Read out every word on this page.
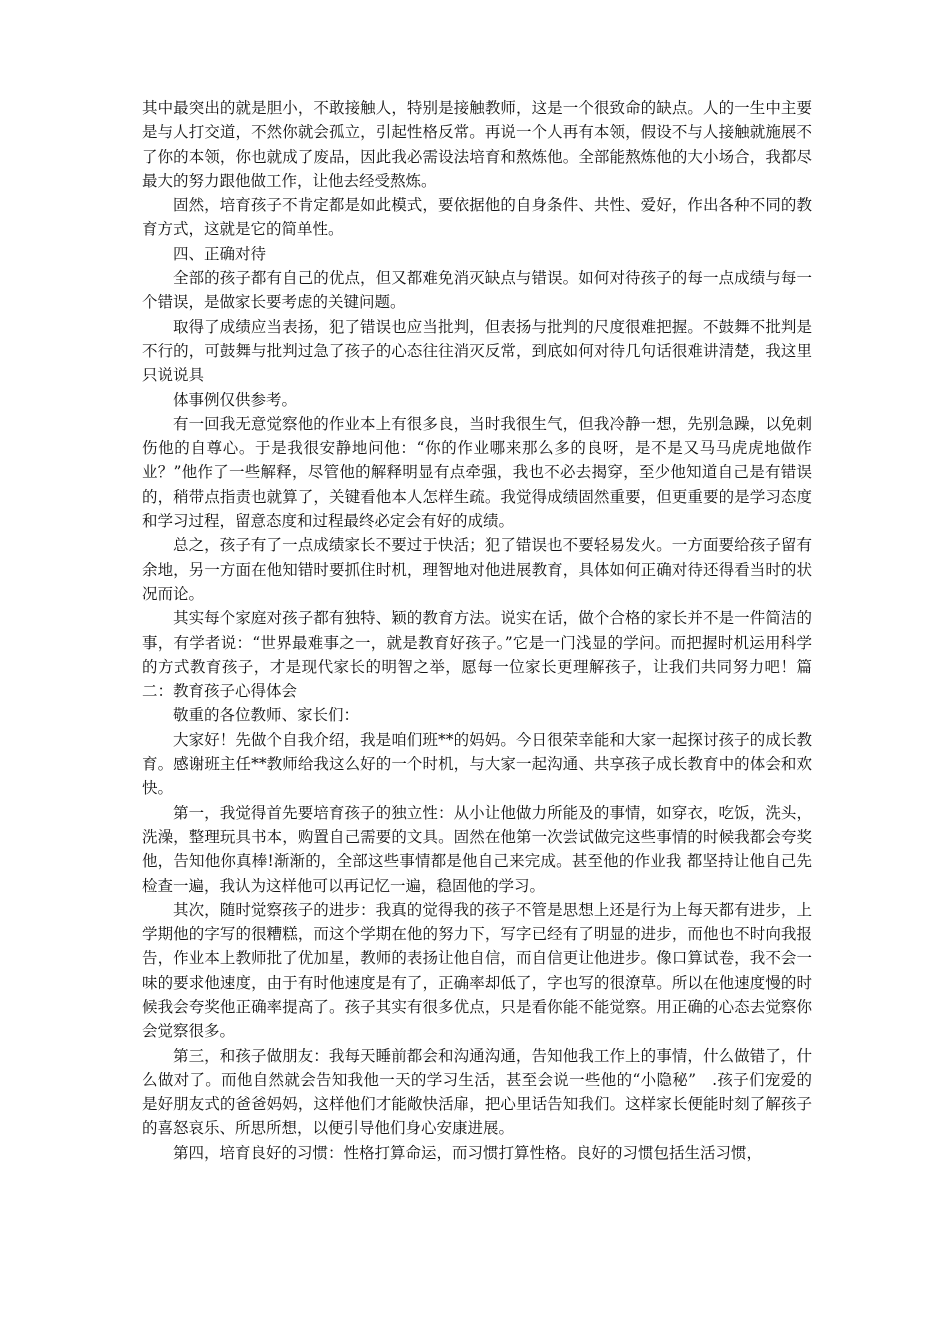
其中最突出的就是胆小，不敢接触人，特别是接触教师，这是一个很致命的缺点。人的一生中主要是与人打交道，不然你就会孤立，引起性格反常。再说一个人再有本领，假设不与人接触就施展不了你的本领，你也就成了废品，因此我必需设法培育和熬炼他。全部能熬炼他的大小场合，我都尽最大的努力跟他做工作，让他去经受熬炼。

固然，培育孩子不肯定都是如此模式，要依据他的自身条件、共性、爱好，作出各种不同的教育方式，这就是它的简单性。

四、正确对待

全部的孩子都有自己的优点，但又都难免消灭缺点与错误。如何对待孩子的每一点成绩与每一个错误，是做家长要考虑的关键问题。

取得了成绩应当表扬，犯了错误也应当批判，但表扬与批判的尺度很难把握。不鼓舞不批判是不行的，可鼓舞与批判过急了孩子的心态往往消灭反常，到底如何对待几句话很难讲清楚，我这里只说说具

体事例仅供参考。

有一回我无意觉察他的作业本上有很多良，当时我很生气，但我冷静一想，先别急躁，以免刺伤他的自尊心。于是我很安静地问他：“你的作业哪来那么多的良呀，是不是又马马虎虎地做作业？”他作了一些解释，尽管他的解释明显有点牵强，我也不必去揭穿，至少他知道自己是有错误的，稍带点指责也就算了，关键看他本人怎样生疏。我觉得成绩固然重要，但更重要的是学习态度和学习过程，留意态度和过程最终必定会有好的成绩。

总之，孩子有了一点成绩家长不要过于快活；犯了错误也不要轻易发火。一方面要给孩子留有余地，另一方面在他知错时要抓住时机，理智地对他进展教育，具体如何正确对待还得看当时的状况而论。

其实每个家庭对孩子都有独特、颖的教育方法。说实在话，做个合格的家长并不是一件简洁的事，有学者说：“世界最难事之一，就是教育好孩子。”它是一门浅显的学问。而把握时机运用科学的方式教育孩子，才是现代家长的明智之举，愿每一位家长更理解孩子，让我们共同努力吧！篇二：教育孩子心得体会

敬重的各位教师、家长们：

大家好！先做个自我介绍，我是咱们班**的妈妈。今日很荣幸能和大家一起探讨孩子的成长教育。感谢班主任**教师给我这么好的一个时机，与大家一起沟通、共享孩子成长教育中的体会和欢快。

第一，我觉得首先要培育孩子的独立性：从小让他做力所能及的事情，如穿衣，吃饭，洗头，洗澡，整理玩具书本，购置自己需要的文具。固然在他第一次尝试做完这些事情的时候我都会夸奖他，告知他你真棒!渐渐的，全部这些事情都是他自己来完成。甚至他的作业我 都坚持让他自己先检查一遍，我认为这样他可以再记忆一遍，稳固他的学习。

其次，随时觉察孩子的进步：我真的觉得我的孩子不管是思想上还是行为上每天都有进步，上学期他的字写的很糟糕，而这个学期在他的努力下，写字已经有了明显的进步，而他也不时向我报告，作业本上教师批了优加星，教师的表扬让他自信，而自信更让他进步。像口算试卷，我不会一味的要求他速度，由于有时他速度是有了，正确率却低了，字也写的很潦草。所以在他速度慢的时候我会夸奖他正确率提高了。孩子其实有很多优点，只是看你能不能觉察。用正确的心态去觉察你会觉察很多。

第三，和孩子做朋友：我每天睡前都会和沟通沟通，告知他我工作上的事情，什么做错了，什么做对了。而他自然就会告知我他一天的学习生活，甚至会说一些他的“小隐秘”　.孩子们宠爱的是好朋友式的爸爸妈妈，这样他们才能敞快活扉，把心里话告知我们。这样家长便能时刻了解孩子的喜怒哀乐、所思所想，以便引导他们身心安康进展。

第四，培育良好的习惯：性格打算命运，而习惯打算性格。良好的习惯包括生活习惯，
